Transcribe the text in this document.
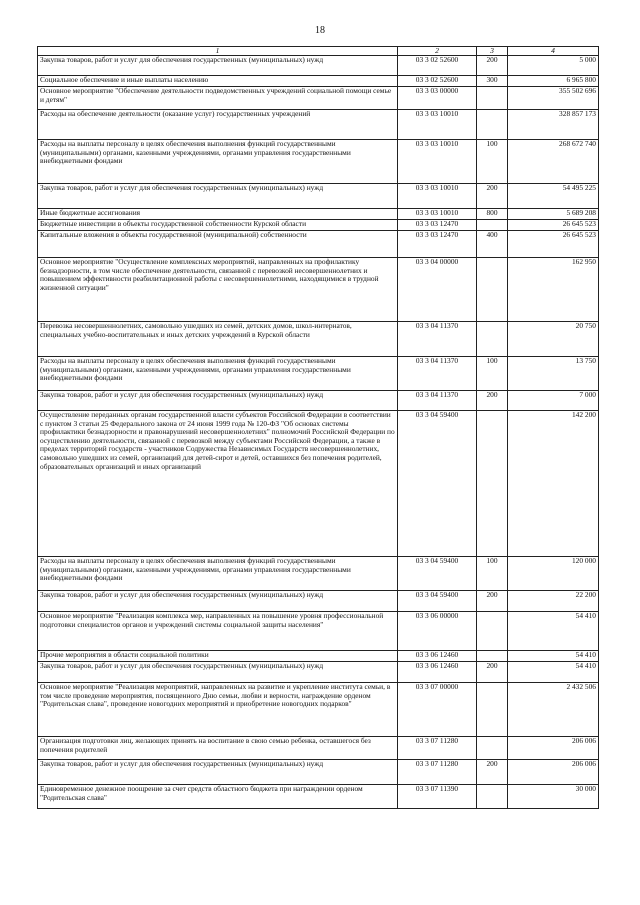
18
1	2	3	4
Закупка товаров, работ и услуг для обеспечения государственных (муниципальных) нужд	03 3 02 52600	200	5 000
Социальное обеспечение и иные выплаты населению	03 3 02 52600	300	6 965 800
Основное мероприятие "Обеспечение деятельности подведомственных учреждений социальной помощи семье и детям"	03 3 03 00000		355 502 696
Расходы на обеспечение деятельности (оказание услуг) государственных учреждений	03 3 03 10010		328 857 173
Расходы на выплаты персоналу в целях обеспечения выполнения функций государственными (муниципальными) органами, казенными учреждениями, органами управления государственными внебюджетными фондами	03 3 03 10010	100	268 672 740
Закупка товаров, работ и услуг для обеспечения государственных (муниципальных) нужд	03 3 03 10010	200	54 495 225
Иные бюджетные ассигнования	03 3 03 10010	800	5 689 208
Бюджетные инвестиции в объекты государственной собственности Курской области	03 3 03 12470		26 645 523
Капитальные вложения в объекты государственной (муниципальной) собственности	03 3 03 12470	400	26 645 523
Основное мероприятие "Осуществление комплексных мероприятий, направленных на профилактику безнадзорности, в том числе обеспечение деятельности, связанной с перевозкой несовершеннолетних и повышением эффективности реабилитационной работы с несовершеннолетними, находящимися в трудной жизненной ситуации"	03 3 04 00000		162 950
Перевозка несовершеннолетних, самовольно ушедших из семей, детских домов, школ-интернатов, специальных учебно-воспитательных и иных детских учреждений в Курской области	03 3 04 11370		20 750
Расходы на выплаты персоналу в целях обеспечения выполнения функций государственными (муниципальными) органами, казенными учреждениями, органами управления государственными внебюджетными фондами	03 3 04 11370	100	13 750
Закупка товаров, работ и услуг для обеспечения государственных (муниципальных) нужд	03 3 04 11370	200	7 000
Осуществление переданных органам государственной власти субъектов Российской Федерации в соответствии с пунктом 3 статьи 25 Федерального закона от 24 июня 1999 года № 120-ФЗ "Об основах системы профилактики безнадзорности и правонарушений несовершеннолетних" полномочий Российской Федерации по осуществлению деятельности, связанной с перевозкой между субъектами Российской Федерации, а также в пределах территорий государств - участников Содружества Независимых Государств несовершеннолетних, самовольно ушедших из семей, организаций для детей-сирот и детей, оставшихся без попечения родителей, образовательных организаций и иных организаций	03 3 04 59400		142 200
Расходы на выплаты персоналу в целях обеспечения выполнения функций государственными (муниципальными) органами, казенными учреждениями, органами управления государственными внебюджетными фондами	03 3 04 59400	100	120 000
Закупка товаров, работ и услуг для обеспечения государственных (муниципальных) нужд	03 3 04 59400	200	22 200
Основное мероприятие "Реализация комплекса мер, направленных на повышение уровня профессиональной подготовки специалистов органов и учреждений системы социальной защиты населения"	03 3 06 00000		54 410
Прочие мероприятия в области социальной политики	03 3 06 12460		54 410
Закупка товаров, работ и услуг для обеспечения государственных (муниципальных) нужд	03 3 06 12460	200	54 410
Основное мероприятие "Реализация мероприятий, направленных на развитие и укрепление института семьи, в том числе проведение мероприятия, посвященного Дню семьи, любви и верности, награждение орденом "Родительская слава", проведение новогодних мероприятий и приобретение новогодних подарков"	03 3 07 00000		2 432 506
Организация подготовки лиц, желающих принять на воспитание в свою семью ребенка, оставшегося без попечения родителей	03 3 07 11280		206 006
Закупка товаров, работ и услуг для обеспечения государственных (муниципальных) нужд	03 3 07 11280	200	206 006
Единовременное денежное поощрение за счет средств областного бюджета при награждении орденом "Родительская слава"	03 3 07 11390		30 000
